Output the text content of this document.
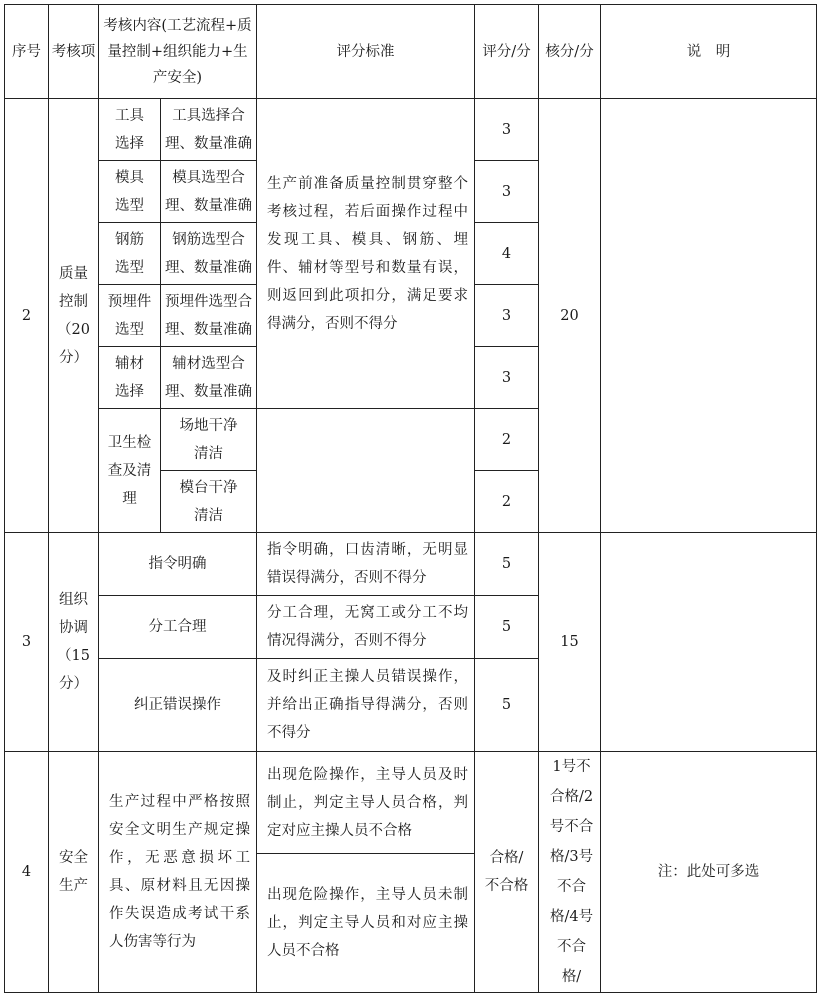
序号	考核项	考核内容(工艺流程+质量控制+组织能力+生产安全)		评分标准	评分/分	核分/分	说　明
2	质量控制（20分）	工具选择	工具选择合理、数量准确	生产前准备质量控制贯穿整个考核过程，若后面操作过程中发现工具、模具、钢筋、埋件、辅材等型号和数量有误，则返回到此项扣分，满足要求得满分，否则不得分	3	20	
		模具选型	模具选型合理、数量准确		3		
		钢筋选型	钢筋选型合理、数量准确		4		
		预埋件选型	预埋件选型合理、数量准确		3		
		辅材选择	辅材选型合理、数量准确		3		
		卫生检查及清理	场地干净清洁		2		
			模台干净清洁		2		
3	组织协调（15分）	指令明确		指令明确，口齿清晰，无明显错误得满分，否则不得分	5	15	
		分工合理		分工合理，无窝工或分工不均情况得满分，否则不得分	5		
		纠正错误操作		及时纠正主操人员错误操作，并给出正确指导得满分，否则不得分	5		
4	安全生产	生产过程中严格按照安全文明生产规定操作，无恶意损坏工具、原材料且无因操作失误造成考试干系人伤害等行为		出现危险操作，主导人员及时制止，判定主导人员合格，判定对应主操人员不合格	合格/不合格	1号不合格/2号不合格/3号不合格/4号不合格/	注：此处可多选
				出现危险操作，主导人员未制止，判定主导人员和对应主操人员不合格			
